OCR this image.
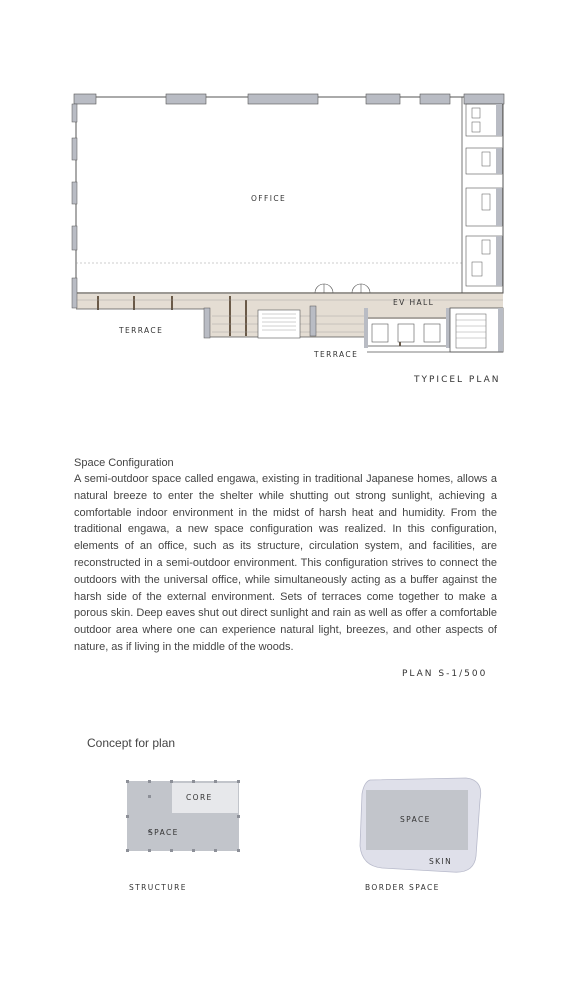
OFFICE
EV HALL
TERRACE
TERRACE
TYPICEL PLAN
Space Configuration
A semi-outdoor space called engawa, existing in traditional Japanese homes, allows a natural breeze to enter the shelter while shutting out strong sunlight, achieving a comfortable indoor environment in the midst of harsh heat and humidity. From the traditional engawa, a new space configuration was realized. In this configuration, elements of an office, such as its structure, circulation system, and facilities, are reconstructed in a semi-outdoor environment. This configuration strives to connect the outdoors with the universal office, while simultaneously acting as a buffer against the harsh side of the external environment. Sets of terraces come together to make a porous skin. Deep eaves shut out direct sunlight and rain as well as offer a comfortable outdoor area where one can experience natural light, breezes, and other aspects of nature, as if living in the middle of the woods.
PLAN S-1/500
Concept for plan
CORE
SPACE
STRUCTURE
SPACE
SKIN
BORDER SPACE
